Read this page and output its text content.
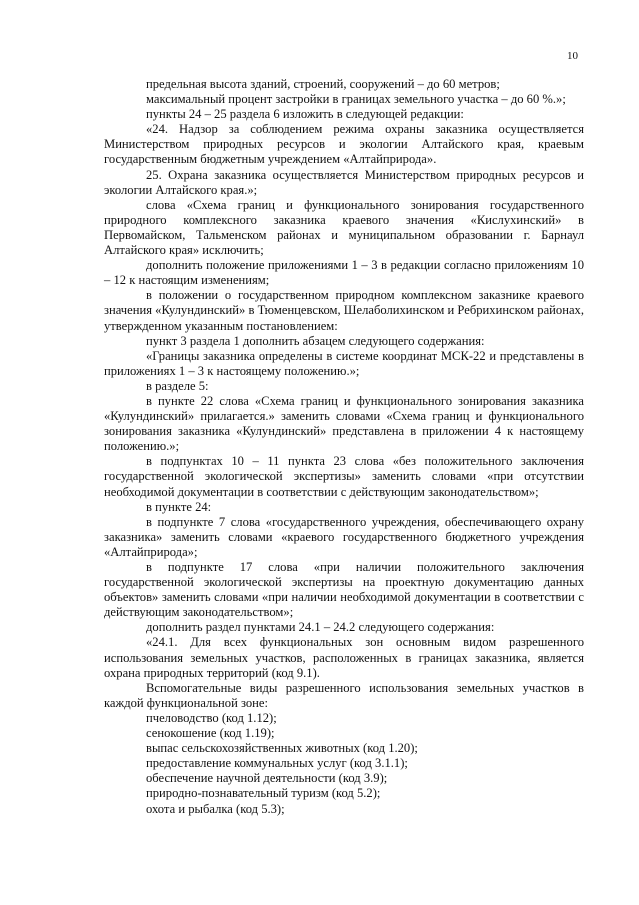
10

предельная высота зданий, строений, сооружений – до 60 метров;

максимальный процент застройки в границах земельного участка – до 60 %.»;

пункты 24 – 25 раздела 6 изложить в следующей редакции:

«24. Надзор за соблюдением режима охраны заказника осуществляется Министерством природных ресурсов и экологии Алтайского края, краевым государственным бюджетным учреждением «Алтайприрода».

25. Охрана заказника осуществляется Министерством природных ресурсов и экологии Алтайского края.»;

слова «Схема границ и функционального зонирования государственного природного комплексного заказника краевого значения «Кислухинский» в Первомайском, Тальменском районах и муниципальном образовании г. Барнаул Алтайского края» исключить;

дополнить положение приложениями 1 – 3 в редакции согласно приложениям 10 – 12 к настоящим изменениям;

в положении о государственном природном комплексном заказнике краевого значения «Кулундинский» в Тюменцевском, Шелаболихинском и Ребрихинском районах, утвержденном указанным постановлением:

пункт 3 раздела 1 дополнить абзацем следующего содержания:

«Границы заказника определены в системе координат МСК-22 и представлены в приложениях 1 – 3 к настоящему положению.»;

в разделе 5:

в пункте 22 слова «Схема границ и функционального зонирования заказника «Кулундинский» прилагается.» заменить словами «Схема границ и функционального зонирования заказника «Кулундинский» представлена в приложении 4 к настоящему положению.»;

в подпунктах 10 – 11 пункта 23 слова «без положительного заключения государственной экологической экспертизы» заменить словами «при отсутствии необходимой документации в соответствии с действующим законодательством»;

в пункте 24:

в подпункте 7 слова «государственного учреждения, обеспечивающего охрану заказника» заменить словами «краевого государственного бюджетного учреждения «Алтайприрода»;

в подпункте 17 слова «при наличии положительного заключения государственной экологической экспертизы на проектную документацию данных объектов» заменить словами «при наличии необходимой документации в соответствии с действующим законодательством»;

дополнить раздел пунктами 24.1 – 24.2 следующего содержания:

«24.1. Для всех функциональных зон основным видом разрешенного использования земельных участков, расположенных в границах заказника, является охрана природных территорий (код 9.1).

Вспомогательные виды разрешенного использования земельных участков в каждой функциональной зоне:

пчеловодство (код 1.12);

сенокошение (код 1.19);

выпас сельскохозяйственных животных (код 1.20);

предоставление коммунальных услуг (код 3.1.1);

обеспечение научной деятельности (код 3.9);

природно-познавательный туризм (код 5.2);

охота и рыбалка (код 5.3);
